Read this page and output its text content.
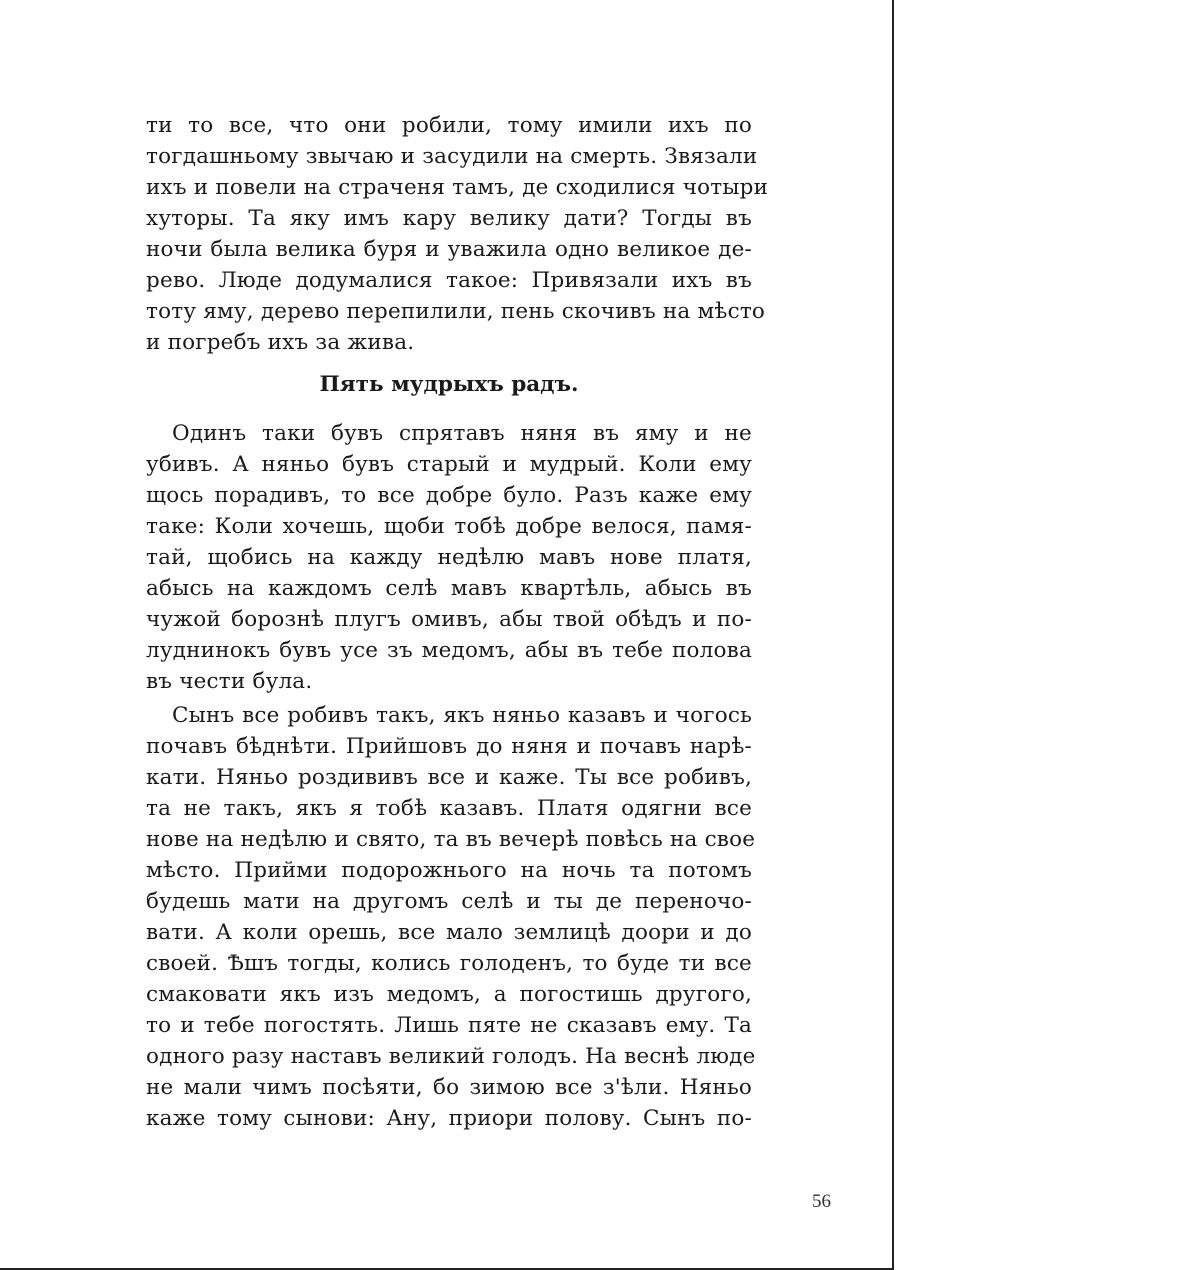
ти то все, что они робили, тому имили ихъ по
тогдашньому звычаю и засудили на смерть. Звязали
ихъ и повели на страченя тамъ, де сходилися чотыри
хуторы. Та яку имъ кару велику дати? Тогды въ
ночи была велика буря и уважила одно великое де-
рево. Люде додумалися такое: Привязали ихъ въ
тоту яму, дерево перепилили, пень скочивъ на мѣсто
и погребъ ихъ за жива.
Пять мудрыхъ радъ.
Одинъ таки бувъ спрятавъ няня въ яму и не
убивъ. А няньо бувъ старый и мудрый. Коли ему
щось порадивъ, то все добре було. Разъ каже ему
таке: Коли хочешь, щоби тобѣ добре велося, памя-
тай, щобись на кажду недѣлю мавъ нове платя,
абысь на каждомъ селѣ мавъ квартѣль, абысь въ
чужой борознѣ плугъ омивъ, абы твой обѣдъ и по-
луднинокъ бувъ усе зъ медомъ, абы въ тебе полова
въ чести була.
Сынъ все робивъ такъ, якъ няньо казавъ и чогось
почавъ бѣднѣти. Прийшовъ до няня и почавъ нарѣ-
кати. Няньо роздививъ все и каже. Ты все робивъ,
та не такъ, якъ я тобѣ казавъ. Платя одягни все
нове на недѣлю и свято, та въ вечерѣ повѣсь на свое
мѣсто. Прийми подорожнього на ночь та потомъ
будешь мати на другомъ селѣ и ты де переночо-
вати. А коли орешь, все мало землицѣ доори и до
своей. Ѣшъ тогды, колись голоденъ, то буде ти все
смаковати якъ изъ медомъ, а погостишь другого,
то и тебе погостять. Лишь пяте не сказавъ ему. Та
одного разу наставъ великий голодъ. На веснѣ люде
не мали чимъ посѣяти, бо зимою все з'ѣли. Няньо
каже тому сынови: Ану, приори полову. Сынъ по-
56
